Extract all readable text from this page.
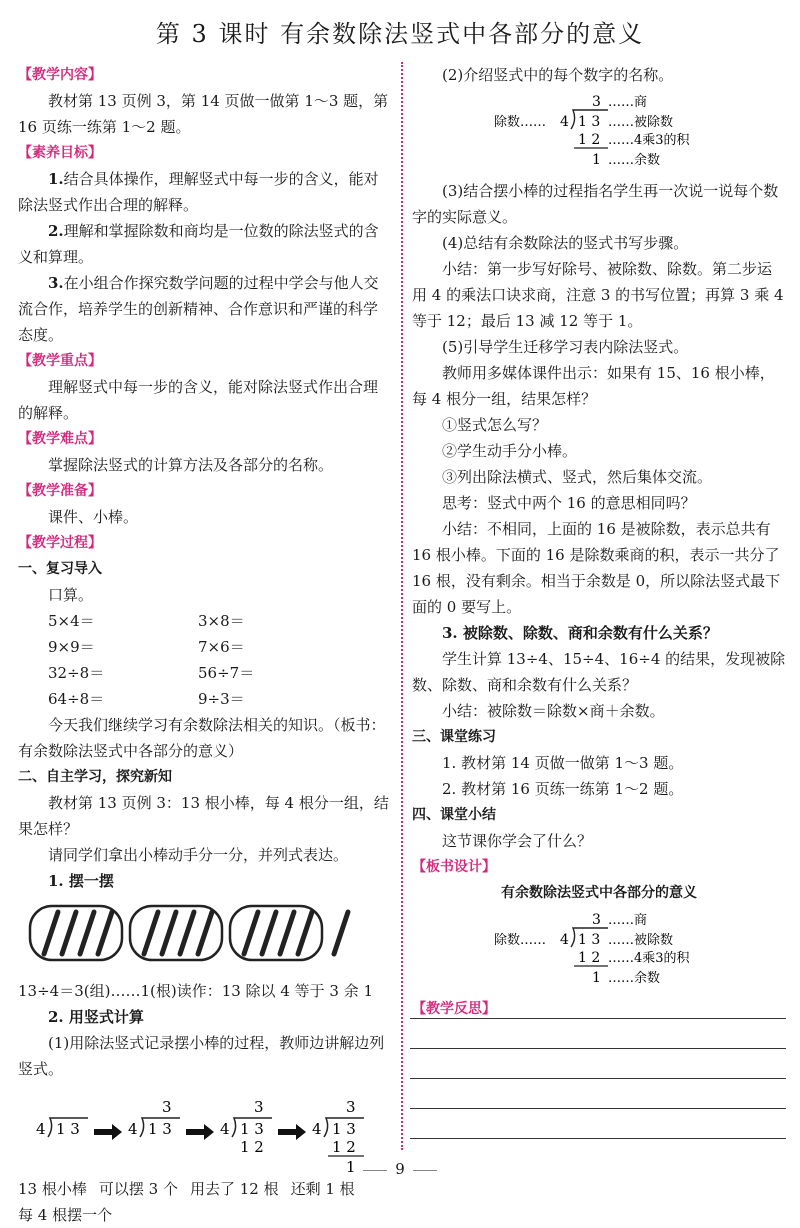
第 3 课时 有余数除法竖式中各部分的意义

【教学内容】

教材第 13 页例 3，第 14 页做一做第 1～3 题，第 16 页练一练第 1～2 题。

【素养目标】

1.结合具体操作，理解竖式中每一步的含义，能对除法竖式作出合理的解释。

2.理解和掌握除数和商均是一位数的除法竖式的含义和算理。

3.在小组合作探究数学问题的过程中学会与他人交流合作，培养学生的创新精神、合作意识和严谨的科学态度。

【教学重点】

理解竖式中每一步的含义，能对除法竖式作出合理的解释。

【教学难点】

掌握除法竖式的计算方法及各部分的名称。

【教学准备】

课件、小棒。

【教学过程】

一、复习导入

口算。

5×4＝	3×8＝
9×9＝	7×6＝
32÷8＝	56÷7＝
64÷8＝	9÷3＝

今天我们继续学习有余数除法相关的知识。（板书：有余数除法竖式中各部分的意义）

二、自主学习，探究新知

教材第 13 页例 3：13 根小棒，每 4 根分一组，结果怎样？

请同学们拿出小棒动手分一分，并列式表达。

1. 摆一摆

13÷4＝3(组)……1(根)读作：13 除以 4 等于 3 余 1

2. 用竖式计算

(1)用除法竖式记录摆小棒的过程，教师边讲解边列竖式。

4 1 3
3
4 1 3
3
4 1 3
1 2
3
4 1 3
1 2
1
13 根小棒 可以摆 3 个 用去了 12 根 还剩 1 根

每 4 根摆一个

(2)介绍竖式中的每个数字的名称。

3 ……商
除数…… 4 1 3 ……被除数
1 2 ……4乘3的积
1 ……余数

(3)结合摆小棒的过程指名学生再一次说一说每个数字的实际意义。

(4)总结有余数除法的竖式书写步骤。

小结：第一步写好除号、被除数、除数。第二步运用 4 的乘法口诀求商，注意 3 的书写位置；再算 3 乘 4 等于 12；最后 13 减 12 等于 1。

(5)引导学生迁移学习表内除法竖式。

教师用多媒体课件出示：如果有 15、16 根小棒，每 4 根分一组，结果怎样？

①竖式怎么写？

②学生动手分小棒。

③列出除法横式、竖式，然后集体交流。

思考：竖式中两个 16 的意思相同吗？

小结：不相同，上面的 16 是被除数，表示总共有 16 根小棒。下面的 16 是除数乘商的积，表示一共分了 16 根，没有剩余。相当于余数是 0，所以除法竖式最下面的 0 要写上。

3. 被除数、除数、商和余数有什么关系？

学生计算 13÷4、15÷4、16÷4 的结果，发现被除数、除数、商和余数有什么关系？

小结：被除数＝除数×商＋余数。

三、课堂练习

1. 教材第 14 页做一做第 1～3 题。

2. 教材第 16 页练一练第 1～2 题。

四、课堂小结

这节课你学会了什么？

【板书设计】

有余数除法竖式中各部分的意义

3 ……商
除数…… 4 1 3 ……被除数
1 2 ……4乘3的积
1 ……余数

【教学反思】

9
